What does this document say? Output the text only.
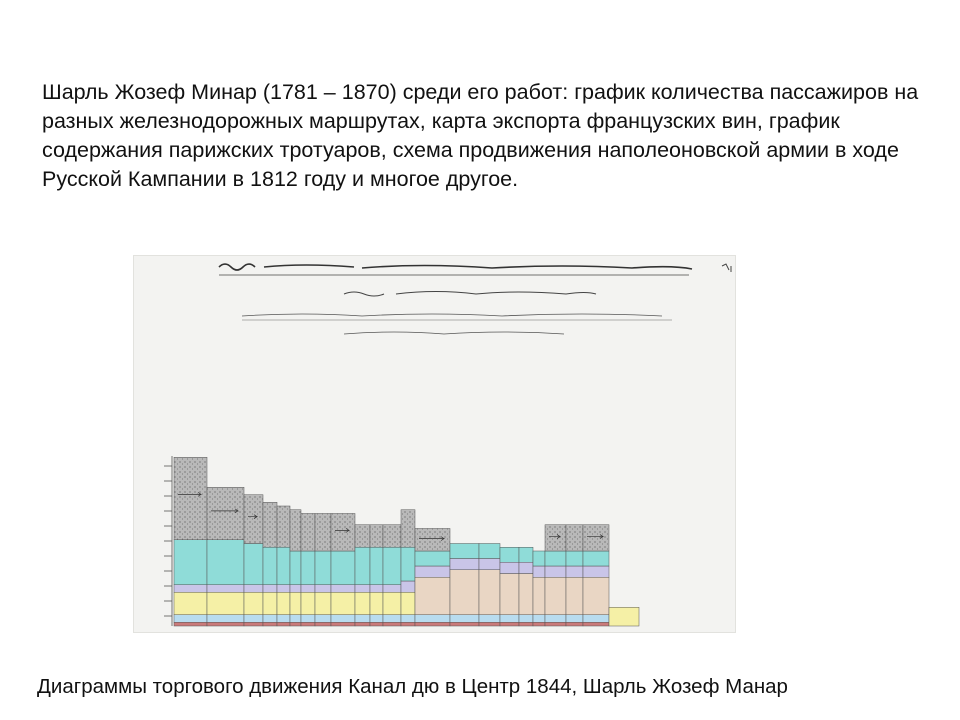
Шарль Жозеф Минар (1781 – 1870) среди его работ: график количества пассажиров на разных железнодорожных маршрутах, карта экспорта французских вин, график содержания парижских тротуаров, схема продвижения наполеоновской армии в ходе Русской Кампании в 1812 году и многое другое.

Диаграммы торгового движения Канал дю в Центр 1844, Шарль Жозеф Манар
